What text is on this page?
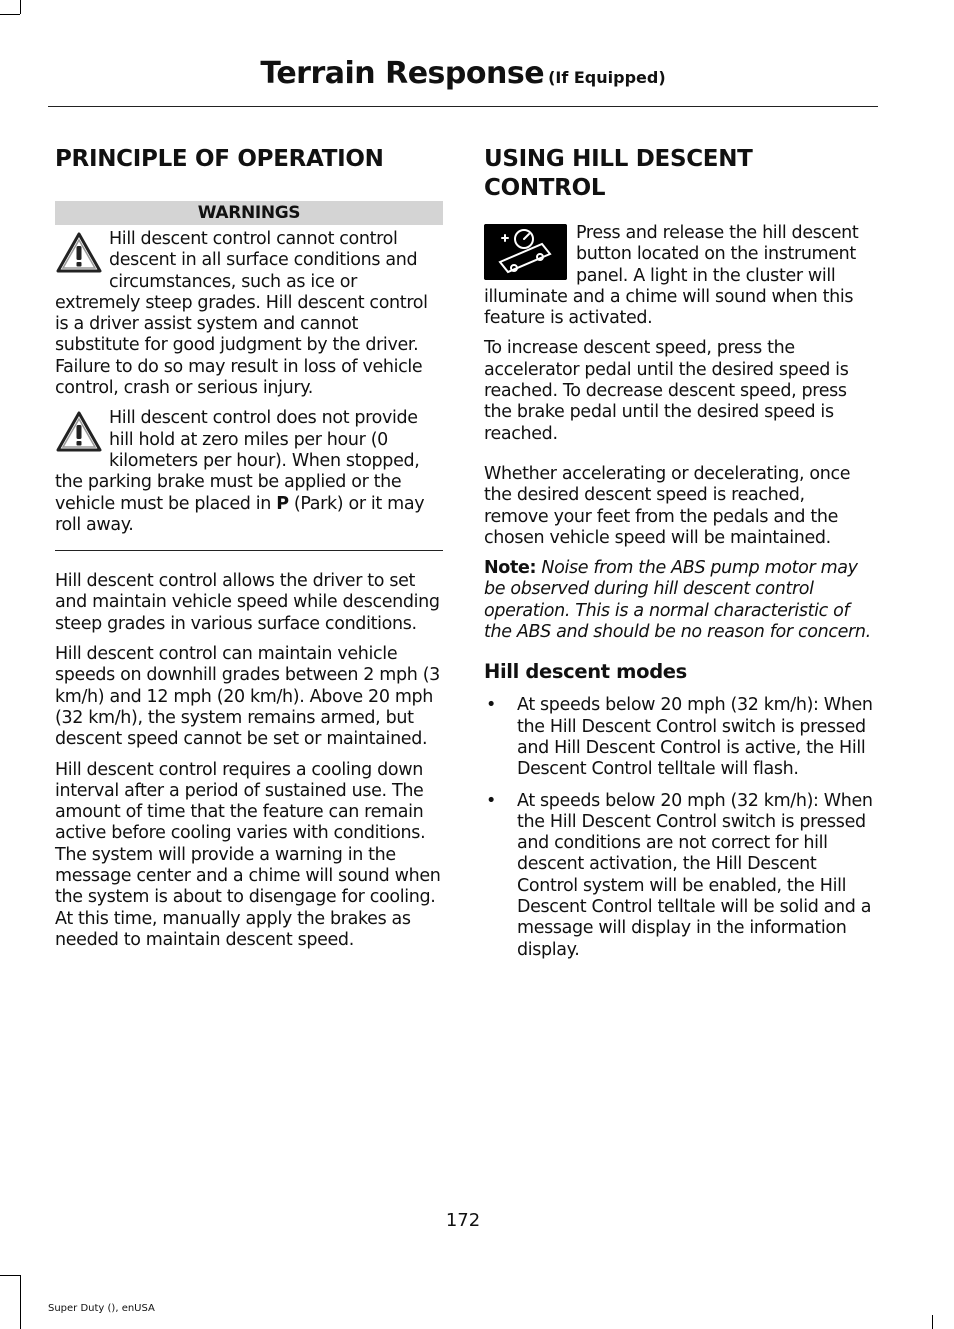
Terrain Response (If Equipped)
PRINCIPLE OF OPERATION
WARNINGS

Hill descent control cannot control descent in all surface conditions and circumstances, such as ice or extremely steep grades. Hill descent control is a driver assist system and cannot substitute for good judgment by the driver. Failure to do so may result in loss of vehicle control, crash or serious injury.

Hill descent control does not provide hill hold at zero miles per hour (0 kilometers per hour). When stopped, the parking brake must be applied or the vehicle must be placed in P (Park) or it may roll away.

Hill descent control allows the driver to set and maintain vehicle speed while descending steep grades in various surface conditions.

Hill descent control can maintain vehicle speeds on downhill grades between 2 mph (3 km/h) and 12 mph (20 km/h). Above 20 mph (32 km/h), the system remains armed, but descent speed cannot be set or maintained.

Hill descent control requires a cooling down interval after a period of sustained use. The amount of time that the feature can remain active before cooling varies with conditions. The system will provide a warning in the message center and a chime will sound when the system is about to disengage for cooling. At this time, manually apply the brakes as needed to maintain descent speed.

USING HILL DESCENT CONTROL

Press and release the hill descent button located on the instrument panel. A light in the cluster will illuminate and a chime will sound when this feature is activated.

To increase descent speed, press the accelerator pedal until the desired speed is reached. To decrease descent speed, press the brake pedal until the desired speed is reached.

Whether accelerating or decelerating, once the desired descent speed is reached, remove your feet from the pedals and the chosen vehicle speed will be maintained.

Note: Noise from the ABS pump motor may be observed during hill descent control operation. This is a normal characteristic of the ABS and should be no reason for concern.

Hill descent modes
• At speeds below 20 mph (32 km/h): When the Hill Descent Control switch is pressed and Hill Descent Control is active, the Hill Descent Control telltale will flash.
• At speeds below 20 mph (32 km/h): When the Hill Descent Control switch is pressed and conditions are not correct for hill descent activation, the Hill Descent Control system will be enabled, the Hill Descent Control telltale will be solid and a message will display in the information display.
172
Super Duty (), enUSA
